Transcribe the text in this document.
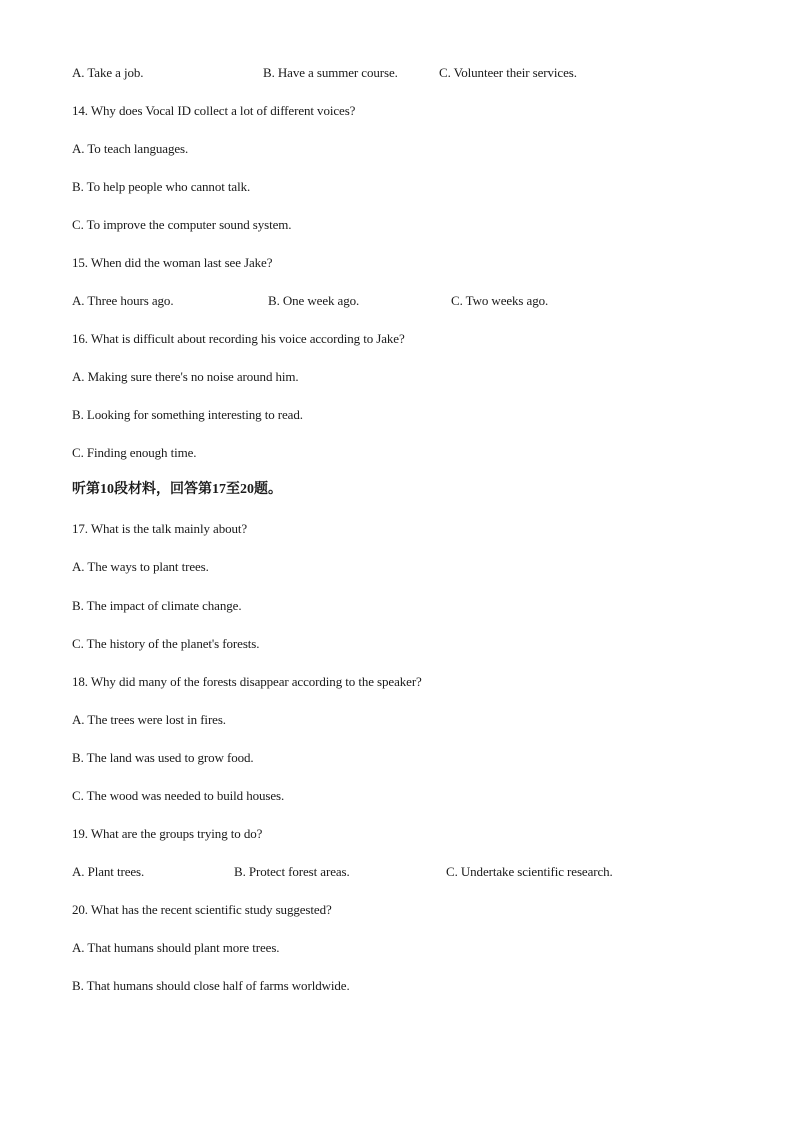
A. Take a job.	B. Have a summer course.	C. Volunteer their services.
14. Why does Vocal ID collect a lot of different voices?
A. To teach languages.
B. To help people who cannot talk.
C. To improve the computer sound system.
15. When did the woman last see Jake?
A. Three hours ago.	B. One week ago.	C. Two weeks ago.
16. What is difficult about recording his voice according to Jake?
A. Making sure there's no noise around him.
B. Looking for something interesting to read.
C. Finding enough time.
听第10段材料，回答第17至20题。
17. What is the talk mainly about?
A. The ways to plant trees.
B. The impact of climate change.
C. The history of the planet's forests.
18. Why did many of the forests disappear according to the speaker?
A. The trees were lost in fires.
B. The land was used to grow food.
C. The wood was needed to build houses.
19. What are the groups trying to do?
A. Plant trees.	B. Protect forest areas.	C. Undertake scientific research.
20. What has the recent scientific study suggested?
A. That humans should plant more trees.
B. That humans should close half of farms worldwide.
